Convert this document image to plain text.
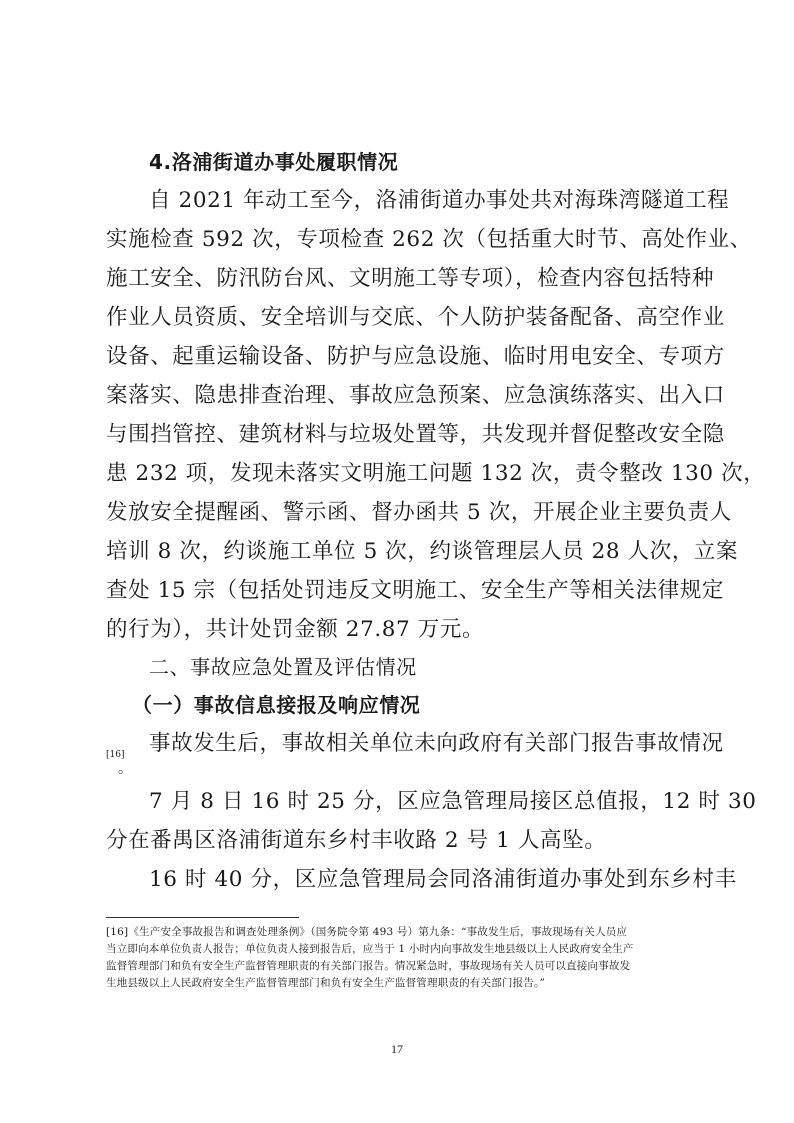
4.洛浦街道办事处履职情况
自 2021 年动工至今，洛浦街道办事处共对海珠湾隧道工程
实施检查 592 次，专项检查 262 次（包括重大时节、高处作业、
施工安全、防汛防台风、文明施工等专项），检查内容包括特种
作业人员资质、安全培训与交底、个人防护装备配备、高空作业
设备、起重运输设备、防护与应急设施、临时用电安全、专项方
案落实、隐患排查治理、事故应急预案、应急演练落实、出入口
与围挡管控、建筑材料与垃圾处置等，共发现并督促整改安全隐
患 232 项，发现未落实文明施工问题 132 次，责令整改 130 次，
发放安全提醒函、警示函、督办函共 5 次，开展企业主要负责人
培训 8 次，约谈施工单位 5 次，约谈管理层人员 28 人次，立案
查处 15 宗（包括处罚违反文明施工、安全生产等相关法律规定
的行为），共计处罚金额 27.87 万元。
二、事故应急处置及评估情况
（一）事故信息接报及响应情况
事故发生后，事故相关单位未向政府有关部门报告事故情况
[16]
。
7 月 8 日 16 时 25 分，区应急管理局接区总值报，12 时 30
分在番禺区洛浦街道东乡村丰收路 2 号 1 人高坠。
16 时 40 分，区应急管理局会同洛浦街道办事处到东乡村丰
[16]《生产安全事故报告和调查处理条例》（国务院令第 493 号）第九条：“事故发生后，事故现场有关人员应
当立即向本单位负责人报告；单位负责人接到报告后，应当于 1 小时内向事故发生地县级以上人民政府安全生产
监督管理部门和负有安全生产监督管理职责的有关部门报告。情况紧急时，事故现场有关人员可以直接向事故发
生地县级以上人民政府安全生产监督管理部门和负有安全生产监督管理职责的有关部门报告。”
17
